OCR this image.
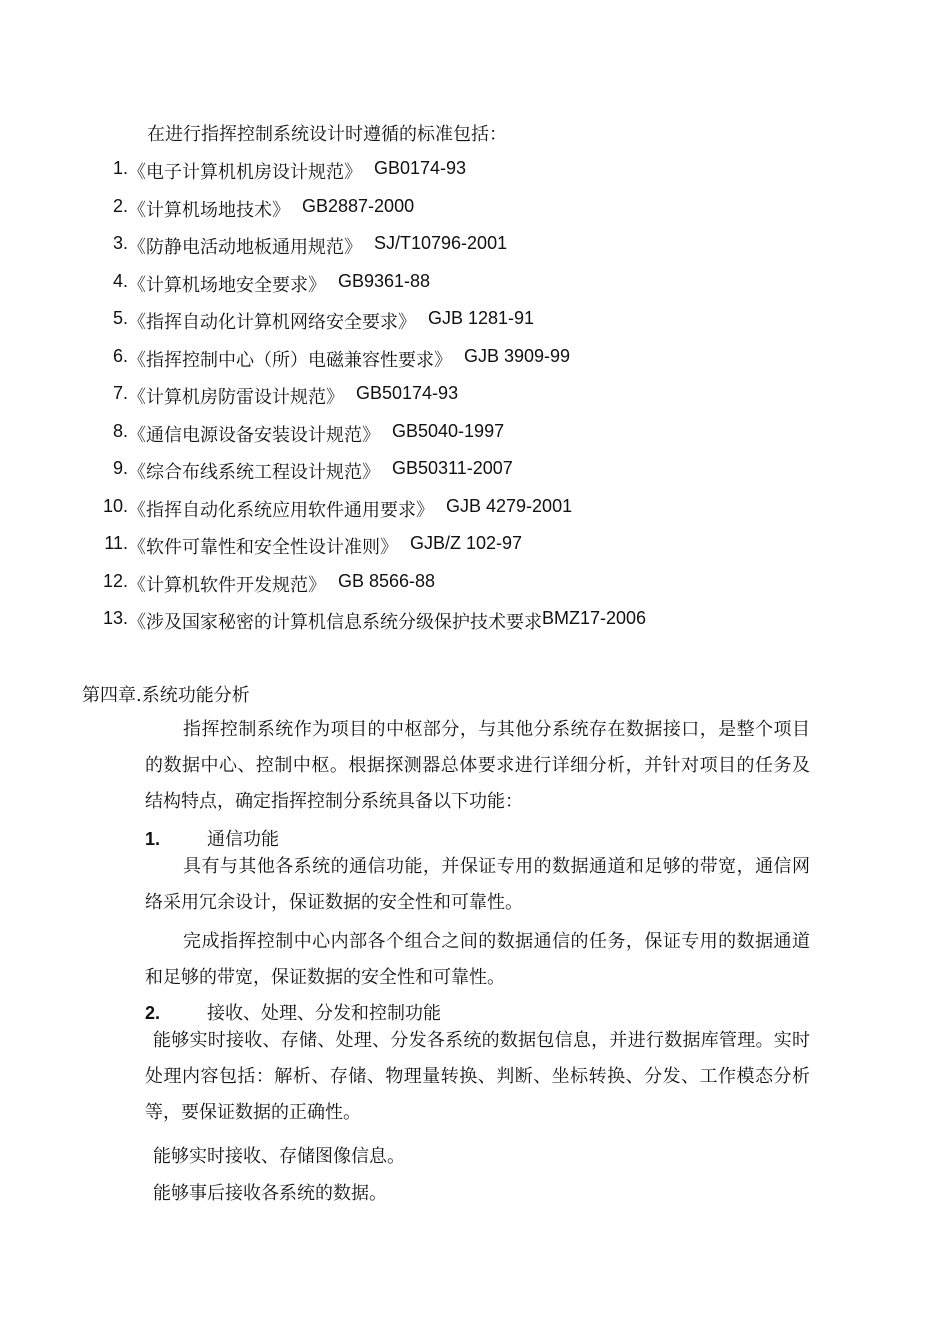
在进行指挥控制系统设计时遵循的标准包括：
1. 《电子计算机机房设计规范》 GB0174-93
2. 《计算机场地技术》 GB2887-2000
3. 《防静电活动地板通用规范》 SJ/T10796-2001
4. 《计算机场地安全要求》 GB9361-88
5. 《指挥自动化计算机网络安全要求》 GJB 1281-91
6. 《指挥控制中心（所）电磁兼容性要求》 GJB 3909-99
7. 《计算机房防雷设计规范》 GB50174-93
8. 《通信电源设备安装设计规范》 GB5040-1997
9. 《综合布线系统工程设计规范》 GB50311-2007
10. 《指挥自动化系统应用软件通用要求》 GJB 4279-2001
11. 《软件可靠性和安全性设计准则》 GJB/Z 102-97
12. 《计算机软件开发规范》 GB 8566-88
13. 《涉及国家秘密的计算机信息系统分级保护技术要求 BMZ17-2006
第四章.系统功能分析

指挥控制系统作为项目的中枢部分，与其他分系统存在数据接口，是整个项目的数据中心、控制中枢。根据探测器总体要求进行详细分析，并针对项目的任务及结构特点，确定指挥控制分系统具备以下功能：

1.	通信功能

具有与其他各系统的通信功能，并保证专用的数据通道和足够的带宽，通信网络采用冗余设计，保证数据的安全性和可靠性。

完成指挥控制中心内部各个组合之间的数据通信的任务，保证专用的数据通道和足够的带宽，保证数据的安全性和可靠性。

2.	接收、处理、分发和控制功能

能够实时接收、存储、处理、分发各系统的数据包信息，并进行数据库管理。实时处理内容包括：解析、存储、物理量转换、判断、坐标转换、分发、工作模态分析等，要保证数据的正确性。

能够实时接收、存储图像信息。
能够事后接收各系统的数据。
